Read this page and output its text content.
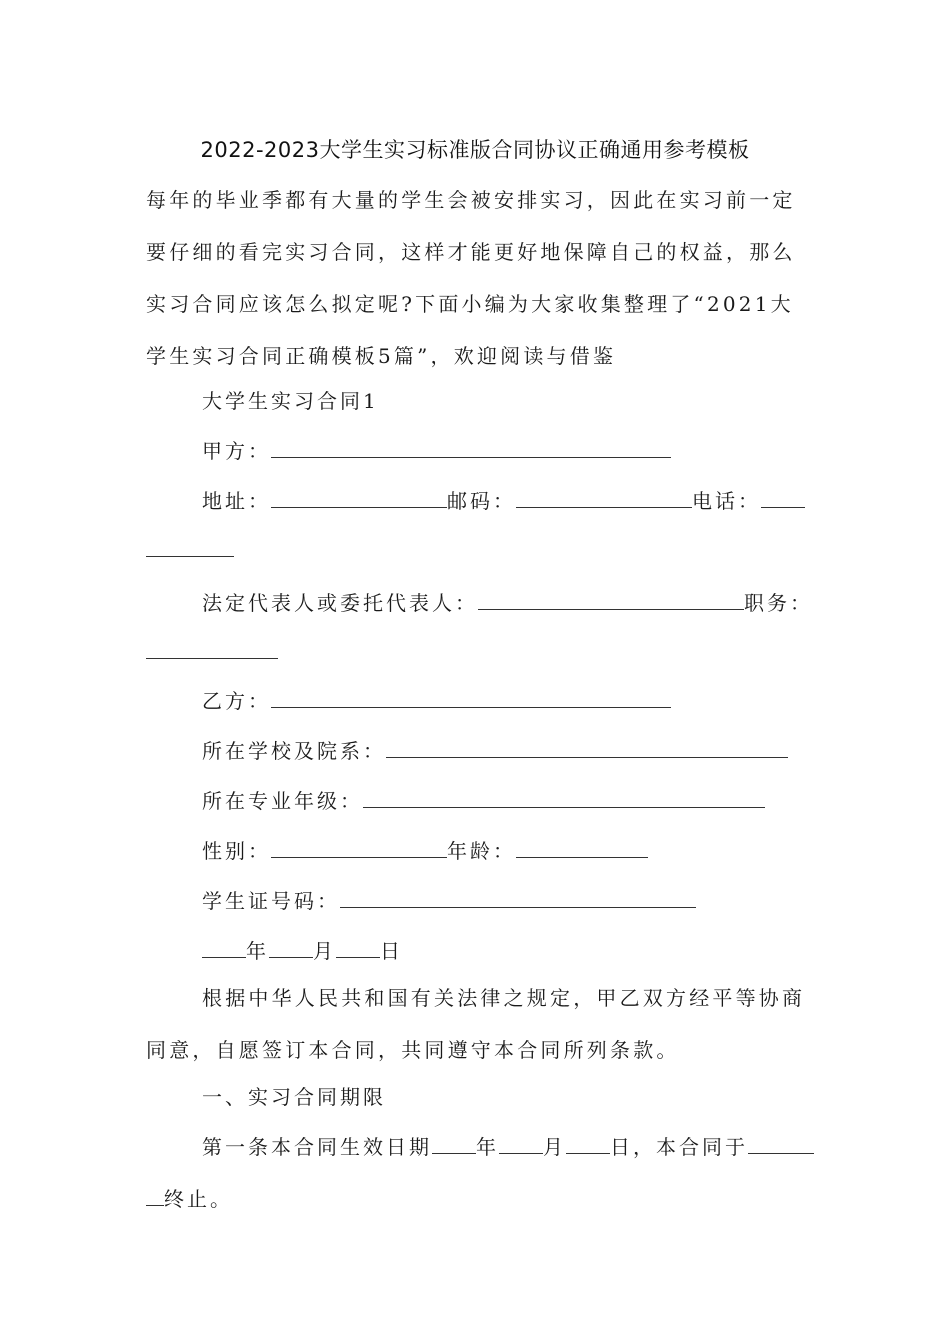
2022-2023大学生实习标准版合同协议正确通用参考模板
每年的毕业季都有大量的学生会被安排实习，因此在实习前一定要仔细的看完实习合同，这样才能更好地保障自己的权益，那么实习合同应该怎么拟定呢?下面小编为大家收集整理了“2021大学生实习合同正确模板5篇”，欢迎阅读与借鉴
大学生实习合同1
甲方：
地址：	邮码：	电话：
法定代表人或委托代表人：	职务：
乙方：
所在学校及院系：
所在专业年级：
性别：	年龄：
学生证号码：
年 月 日
根据中华人民共和国有关法律之规定，甲乙双方经平等协商同意，自愿签订本合同，共同遵守本合同所列条款。
一、实习合同期限
第一条本合同生效日期 年 月 日，本合同于
终止。
